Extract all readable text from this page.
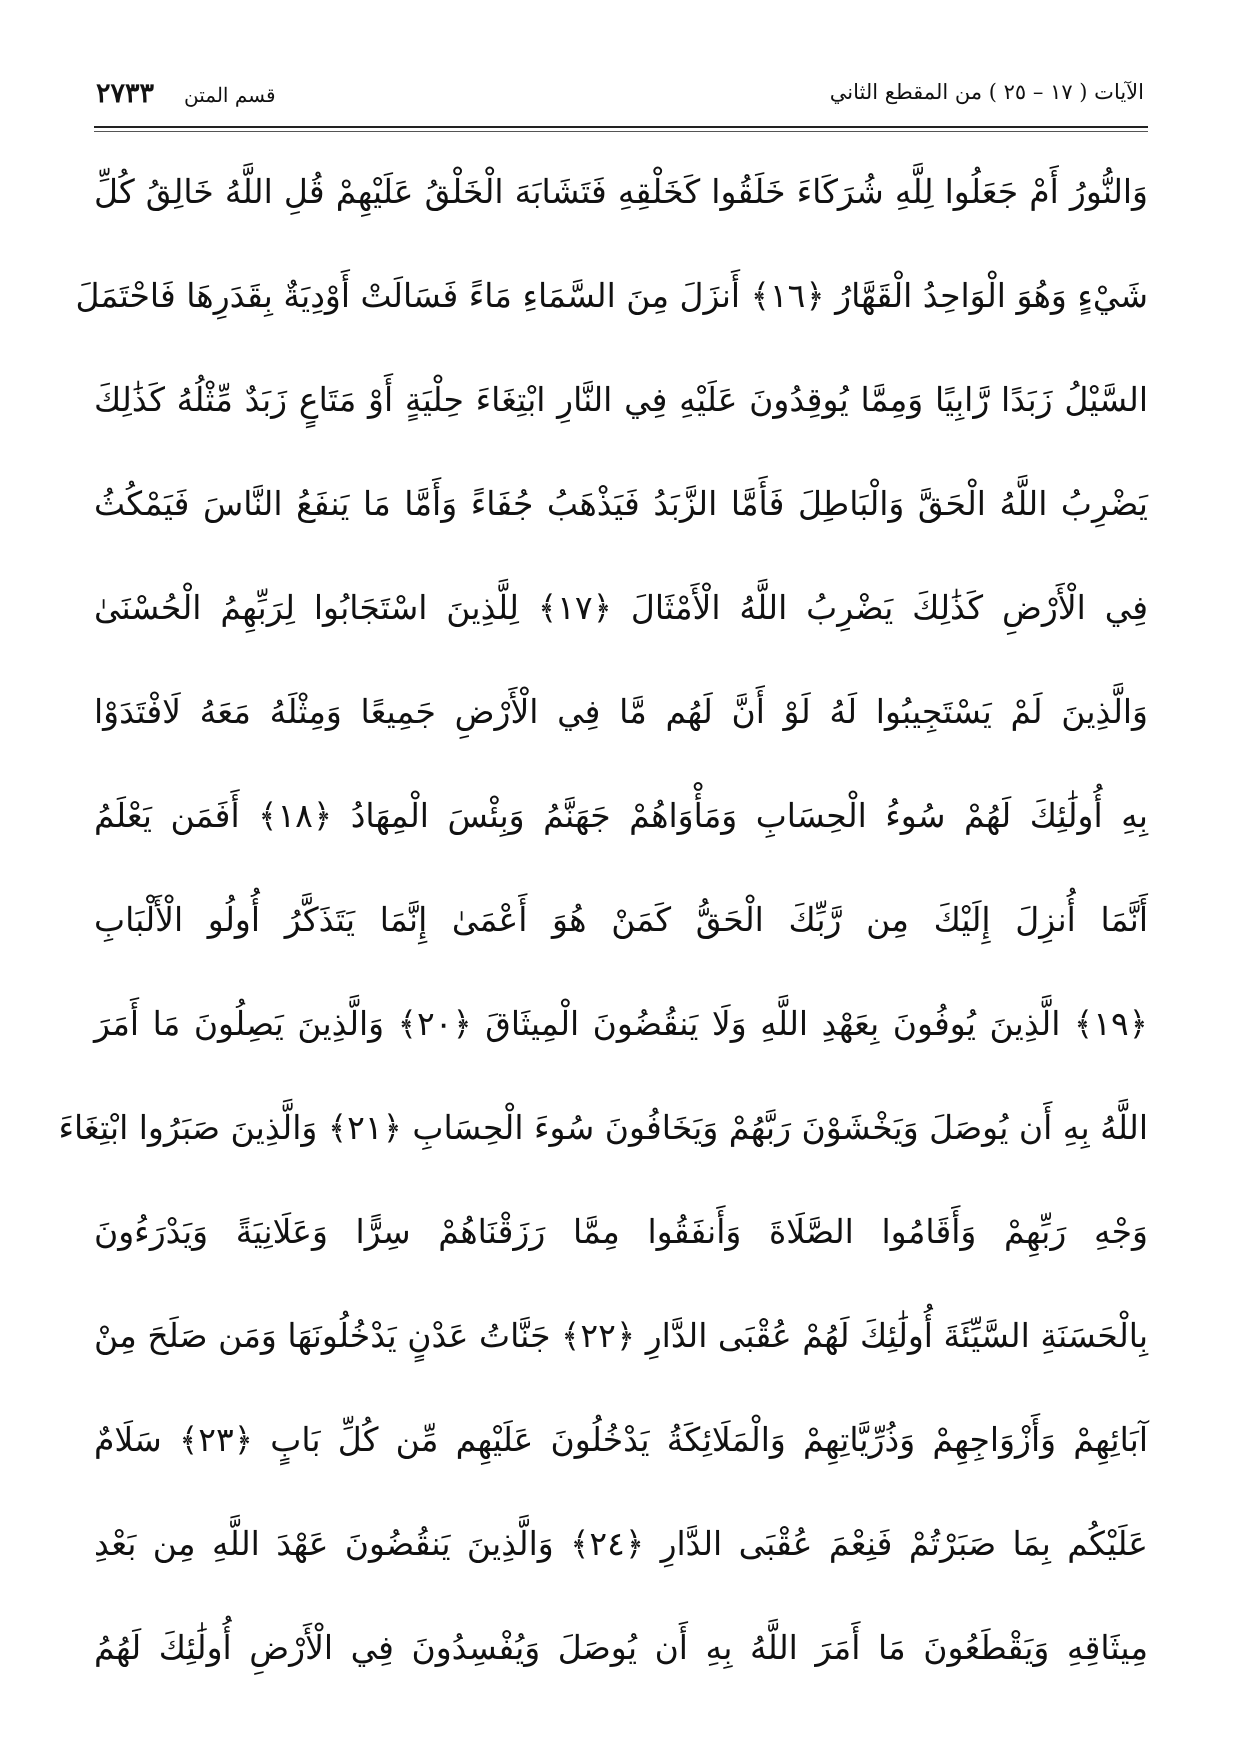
٢٧٣٣ قسم المتن	الآيات ( ١٧ – ٢٥ ) من المقطع الثاني
وَالنُّورُ أَمْ جَعَلُوا لِلَّهِ شُرَكَاءَ خَلَقُوا كَخَلْقِهِ فَتَشَابَهَ الْخَلْقُ عَلَيْهِمْ قُلِ اللَّهُ خَالِقُ كُلِّ
شَيْءٍ وَهُوَ الْوَاحِدُ الْقَهَّارُ ﴿١٦﴾ أَنزَلَ مِنَ السَّمَاءِ مَاءً فَسَالَتْ أَوْدِيَةٌ بِقَدَرِهَا فَاحْتَمَلَ
السَّيْلُ زَبَدًا رَّابِيًا وَمِمَّا يُوقِدُونَ عَلَيْهِ فِي النَّارِ ابْتِغَاءَ حِلْيَةٍ أَوْ مَتَاعٍ زَبَدٌ مِّثْلُهُ كَذَٰلِكَ
يَضْرِبُ اللَّهُ الْحَقَّ وَالْبَاطِلَ فَأَمَّا الزَّبَدُ فَيَذْهَبُ جُفَاءً وَأَمَّا مَا يَنفَعُ النَّاسَ فَيَمْكُثُ
فِي الْأَرْضِ كَذَٰلِكَ يَضْرِبُ اللَّهُ الْأَمْثَالَ ﴿١٧﴾ لِلَّذِينَ اسْتَجَابُوا لِرَبِّهِمُ الْحُسْنَىٰ
وَالَّذِينَ لَمْ يَسْتَجِيبُوا لَهُ لَوْ أَنَّ لَهُم مَّا فِي الْأَرْضِ جَمِيعًا وَمِثْلَهُ مَعَهُ لَافْتَدَوْا
بِهِ أُولَٰئِكَ لَهُمْ سُوءُ الْحِسَابِ وَمَأْوَاهُمْ جَهَنَّمُ وَبِئْسَ الْمِهَادُ ﴿١٨﴾ أَفَمَن يَعْلَمُ
أَنَّمَا أُنزِلَ إِلَيْكَ مِن رَّبِّكَ الْحَقُّ كَمَنْ هُوَ أَعْمَىٰ إِنَّمَا يَتَذَكَّرُ أُولُو الْأَلْبَابِ
﴿١٩﴾ الَّذِينَ يُوفُونَ بِعَهْدِ اللَّهِ وَلَا يَنقُضُونَ الْمِيثَاقَ ﴿٢٠﴾ وَالَّذِينَ يَصِلُونَ مَا أَمَرَ
اللَّهُ بِهِ أَن يُوصَلَ وَيَخْشَوْنَ رَبَّهُمْ وَيَخَافُونَ سُوءَ الْحِسَابِ ﴿٢١﴾ وَالَّذِينَ صَبَرُوا ابْتِغَاءَ
وَجْهِ رَبِّهِمْ وَأَقَامُوا الصَّلَاةَ وَأَنفَقُوا مِمَّا رَزَقْنَاهُمْ سِرًّا وَعَلَانِيَةً وَيَدْرَءُونَ
بِالْحَسَنَةِ السَّيِّئَةَ أُولَٰئِكَ لَهُمْ عُقْبَى الدَّارِ ﴿٢٢﴾ جَنَّاتُ عَدْنٍ يَدْخُلُونَهَا وَمَن صَلَحَ مِنْ
آبَائِهِمْ وَأَزْوَاجِهِمْ وَذُرِّيَّاتِهِمْ وَالْمَلَائِكَةُ يَدْخُلُونَ عَلَيْهِم مِّن كُلِّ بَابٍ ﴿٢٣﴾ سَلَامٌ
عَلَيْكُم بِمَا صَبَرْتُمْ فَنِعْمَ عُقْبَى الدَّارِ ﴿٢٤﴾ وَالَّذِينَ يَنقُضُونَ عَهْدَ اللَّهِ مِن بَعْدِ
مِيثَاقِهِ وَيَقْطَعُونَ مَا أَمَرَ اللَّهُ بِهِ أَن يُوصَلَ وَيُفْسِدُونَ فِي الْأَرْضِ أُولَٰئِكَ لَهُمُ
